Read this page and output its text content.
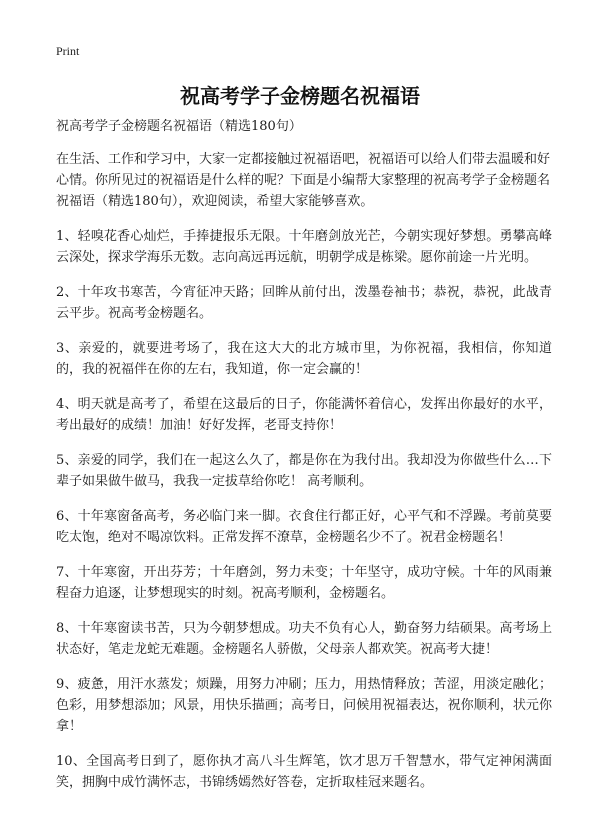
Print
祝高考学子金榜题名祝福语

祝高考学子金榜题名祝福语（精选180句）

在生活、工作和学习中，大家一定都接触过祝福语吧，祝福语可以给人们带去温暖和好心情。你所见过的祝福语是什么样的呢？下面是小编帮大家整理的祝高考学子金榜题名祝福语（精选180句），欢迎阅读，希望大家能够喜欢。

1、轻嗅花香心灿烂，手捧捷报乐无限。十年磨剑放光芒，今朝实现好梦想。勇攀高峰云深处，探求学海乐无数。志向高远再远航，明朝学成是栋梁。愿你前途一片光明。

2、十年攻书寒苦，今宵征冲天路；回眸从前付出，泼墨卷袖书；恭祝，恭祝，此战青云平步。祝高考金榜题名。

3、亲爱的，就要进考场了，我在这大大的北方城市里，为你祝福，我相信，你知道的，我的祝福伴在你的左右，我知道，你一定会赢的！

4、明天就是高考了，希望在这最后的日子，你能满怀着信心，发挥出你最好的水平，考出最好的成绩！加油！好好发挥，老哥支持你！

5、亲爱的同学，我们在一起这么久了，都是你在为我付出。我却没为你做些什么…下辈子如果做牛做马，我我一定拔草给你吃！ 高考顺利。

6、十年寒窗备高考，务必临门来一脚。衣食住行都正好，心平气和不浮躁。考前莫要吃太饱，绝对不喝凉饮料。正常发挥不潦草，金榜题名少不了。祝君金榜题名！

7、十年寒窗，开出芬芳；十年磨剑，努力未变；十年坚守，成功守候。十年的风雨兼程奋力追逐，让梦想现实的时刻。祝高考顺利，金榜题名。

8、十年寒窗读书苦，只为今朝梦想成。功夫不负有心人，勤奋努力结硕果。高考场上状态好，笔走龙蛇无难题。金榜题名人骄傲，父母亲人都欢笑。祝高考大捷！

9、疲惫，用汗水蒸发；烦躁，用努力冲刷；压力，用热情释放；苦涩，用淡定融化；色彩，用梦想添加；风景，用快乐描画；高考日，问候用祝福表达，祝你顺利，状元你拿！

10、全国高考日到了，愿你执才高八斗生辉笔，饮才思万千智慧水，带气定神闲满面笑，拥胸中成竹满怀志，书锦绣嫣然好答卷，定折取桂冠来题名。
